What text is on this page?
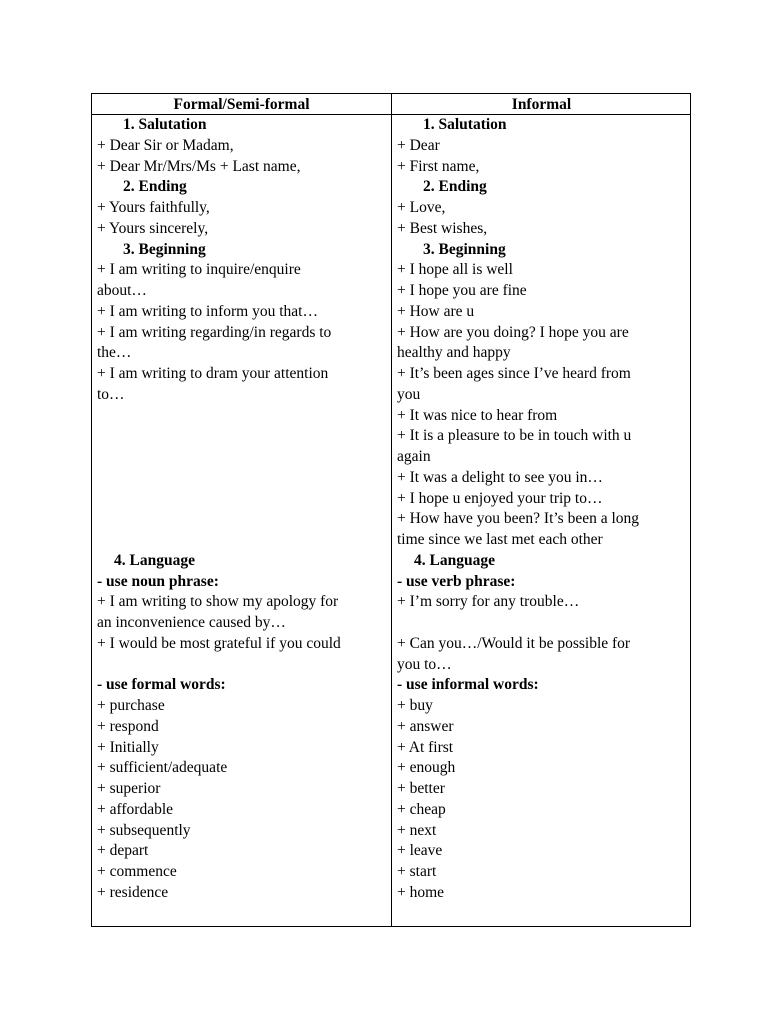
Formal/Semi-formal	Informal
1. Salutation
+ Dear Sir or Madam,
+ Dear Mr/Mrs/Ms + Last name,
2. Ending
+ Yours faithfully,
+ Yours sincerely,
3. Beginning
+ I am writing to inquire/enquire
about…
+ I am writing to inform you that…
+ I am writing regarding/in regards to
the…
+ I am writing to dram your attention
to…
4. Language
- use noun phrase:
+ I am writing to show my apology for
an inconvenience caused by…
+ I would be most grateful if you could
- use formal words:
+ purchase
+ respond
+ Initially
+ sufficient/adequate
+ superior
+ affordable
+ subsequently
+ depart
+ commence
+ residence
1. Salutation
+ Dear
+ First name,
2. Ending
+ Love,
+ Best wishes,
3. Beginning
+ I hope all is well
+ I hope you are fine
+ How are u
+ How are you doing? I hope you are
healthy and happy
+ It’s been ages since I’ve heard from
you
+ It was nice to hear from
+ It is a pleasure to be in touch with u
again
+ It was a delight to see you in…
+ I hope u enjoyed your trip to…
+ How have you been? It’s been a long
time since we last met each other
4. Language
- use verb phrase:
+ I’m sorry for any trouble…
+ Can you…/Would it be possible for
you to…
- use informal words:
+ buy
+ answer
+ At first
+ enough
+ better
+ cheap
+ next
+ leave
+ start
+ home
